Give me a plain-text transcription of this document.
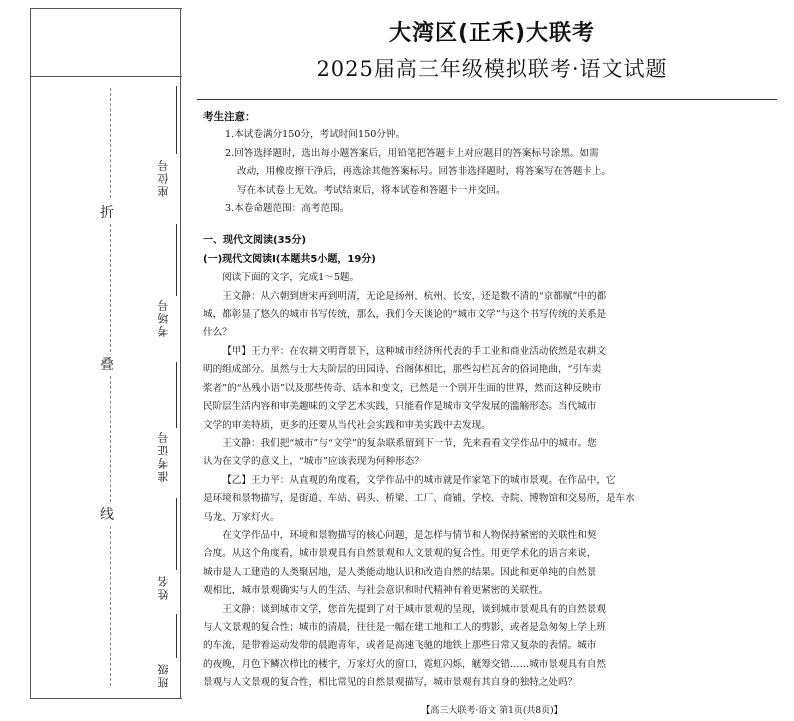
折
叠
线
座位号
考场号
准考证号
姓名
班级
大湾区(正禾)大联考
2025届高三年级模拟联考·语文试题

考生注意：

1.本试卷满分150分，考试时间150分钟。

2.回答选择题时，选出每小题答案后，用铅笔把答题卡上对应题目的答案标号涂黑。如需

改动，用橡皮擦干净后，再选涂其他答案标号。回答非选择题时，将答案写在答题卡上。

写在本试卷上无效。考试结束后，将本试卷和答题卡一并交回。

3.本卷命题范围：高考范围。

一、现代文阅读(35分)

(一)现代文阅读Ⅰ(本题共5小题，19分)

阅读下面的文字，完成1～5题。

王文静：从六朝到唐宋再到明清，无论是扬州、杭州、长安，还是数不清的“京都赋”中的都

城，都彰显了悠久的城市书写传统，那么，我们今天谈论的“城市文学”与这个书写传统的关系是

什么？

【甲】王力平：在农耕文明背景下，这种城市经济所代表的手工业和商业活动依然是农耕文

明的组成部分。虽然与士大夫阶层的田园诗、台阁体相比，那些勾栏瓦舍的俗词艳曲，“引车卖

浆者”的“丛残小语”以及那些传奇、话本和变文，已然是一个别开生面的世界，然而这种反映市

民阶层生活内容和审美趣味的文学艺术实践，只能看作是城市文学发展的滥觞形态。当代城市

文学的审美特质，更多的还要从当代社会实践和审美实践中去发现。

王文静：我们把“城市”与“文学”的复杂联系留到下一节，先来看看文学作品中的城市。您

认为在文学的意义上，“城市”应该表现为何种形态？

【乙】王力平：从直观的角度看，文学作品中的城市就是作家笔下的城市景观。在作品中，它

是环境和景物描写，是街道、车站、码头、桥梁、工厂、商铺、学校、寺院、博物馆和交易所，是车水

马龙、万家灯火。

在文学作品中，环境和景物描写的核心问题，是怎样与情节和人物保持紧密的关联性和契

合度。从这个角度看，城市景观具有自然景观和人文景观的复合性。用更学术化的语言来说，

城市是人工建造的人类聚居地，是人类能动地认识和改造自然的结果。因此和更单纯的自然景

观相比，城市景观确实与人的生活、与社会意识和时代精神有着更紧密的关联性。

王文静：谈到城市文学，您首先提到了对于城市景观的呈现，谈到城市景观具有的自然景观

与人文景观的复合性；城市的清晨，往往是一幅在建工地和工人的剪影，或者是急匆匆上学上班

的车流，是带着运动发带的晨跑青年，或者是高速飞驰的地铁上那些日常又复杂的表情。城市

的夜晚，月色下鳞次栉比的楼宇，万家灯火的窗口，霓虹闪烁，觥筹交错……城市景观具有自然

景观与人文景观的复合性，相比常见的自然景观描写，城市景观有其自身的独特之处吗？

【高三大联考·语文 第1页(共8页)】
